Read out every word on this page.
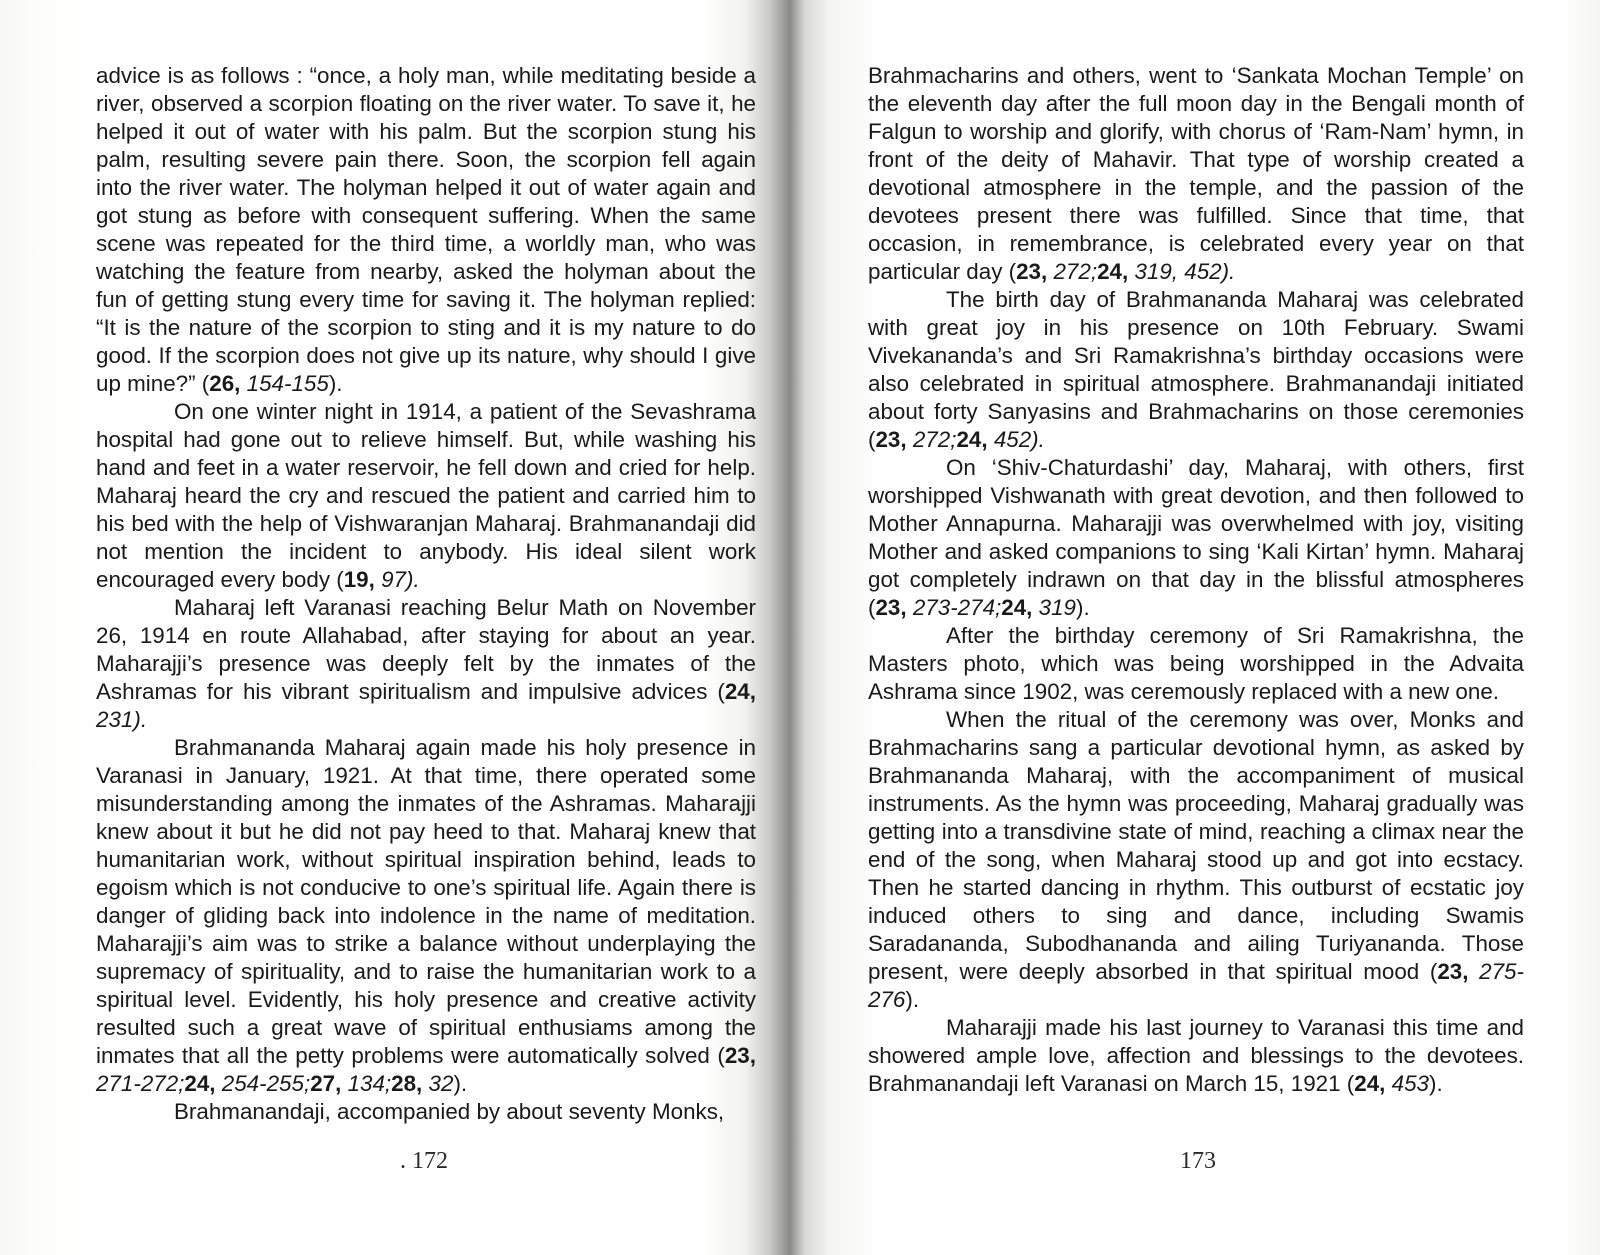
advice is as follows : “once, a holy man, while meditating beside a river, observed a scorpion floating on the river water. To save it, he helped it out of water with his palm. But the scorpion stung his palm, resulting severe pain there. Soon, the scorpion fell again into the river water. The holyman helped it out of water again and got stung as before with consequent suffering. When the same scene was repeated for the third time, a worldly man, who was watching the feature from nearby, asked the holyman about the fun of getting stung every time for saving it. The holyman replied: “It is the nature of the scorpion to sting and it is my nature to do good. If the scorpion does not give up its nature, why should I give up mine?” (26, 154-155).

On one winter night in 1914, a patient of the Sevashrama hospital had gone out to relieve himself. But, while washing his hand and feet in a water reservoir, he fell down and cried for help. Maharaj heard the cry and rescued the patient and carried him to his bed with the help of Vishwaranjan Maharaj. Brahmanandaji did not mention the incident to anybody. His ideal silent work encouraged every body (19, 97).

Maharaj left Varanasi reaching Belur Math on November 26, 1914 en route Allahabad, after staying for about an year. Maharajji’s presence was deeply felt by the inmates of the Ashramas for his vibrant spiritualism and impulsive advices (24, 231).

Brahmananda Maharaj again made his holy presence in Varanasi in January, 1921. At that time, there operated some misunderstanding among the inmates of the Ashramas. Maharajji knew about it but he did not pay heed to that. Maharaj knew that humanitarian work, without spiritual inspiration behind, leads to egoism which is not conducive to one’s spiritual life. Again there is danger of gliding back into indolence in the name of meditation. Maharajji’s aim was to strike a balance without underplaying the supremacy of spirituality, and to raise the humanitarian work to a spiritual level. Evidently, his holy presence and creative activity resulted such a great wave of spiritual enthusiams among the inmates that all the petty problems were automatically solved (23, 271-272;24, 254-255;27, 134;28, 32).

Brahmanandaji, accompanied by about seventy Monks,

. 172

Brahmacharins and others, went to ‘Sankata Mochan Temple’ on the eleventh day after the full moon day in the Bengali month of Falgun to worship and glorify, with chorus of ‘Ram-Nam’ hymn, in front of the deity of Mahavir. That type of worship created a devotional atmosphere in the temple, and the passion of the devotees present there was fulfilled. Since that time, that occasion, in remembrance, is celebrated every year on that particular day (23, 272;24, 319, 452).

The birth day of Brahmananda Maharaj was celebrated with great joy in his presence on 10th February. Swami Vivekananda’s and Sri Ramakrishna’s birthday occasions were also celebrated in spiritual atmosphere. Brahmanandaji initiated about forty Sanyasins and Brahmacharins on those ceremonies (23, 272;24, 452).

On ‘Shiv-Chaturdashi’ day, Maharaj, with others, first worshipped Vishwanath with great devotion, and then followed to Mother Annapurna. Maharajji was overwhelmed with joy, visiting Mother and asked companions to sing ‘Kali Kirtan’ hymn. Maharaj got completely indrawn on that day in the blissful atmospheres (23, 273-274;24, 319).

After the birthday ceremony of Sri Ramakrishna, the Masters photo, which was being worshipped in the Advaita Ashrama since 1902, was ceremously replaced with a new one.

When the ritual of the ceremony was over, Monks and Brahmacharins sang a particular devotional hymn, as asked by Brahmananda Maharaj, with the accompaniment of musical instruments. As the hymn was proceeding, Maharaj gradually was getting into a transdivine state of mind, reaching a climax near the end of the song, when Maharaj stood up and got into ecstacy. Then he started dancing in rhythm. This outburst of ecstatic joy induced others to sing and dance, including Swamis Saradananda, Subodhananda and ailing Turiyananda. Those present, were deeply absorbed in that spiritual mood (23, 275-276).

Maharajji made his last journey to Varanasi this time and showered ample love, affection and blessings to the devotees. Brahmanandaji left Varanasi on March 15, 1921 (24, 453).

173
